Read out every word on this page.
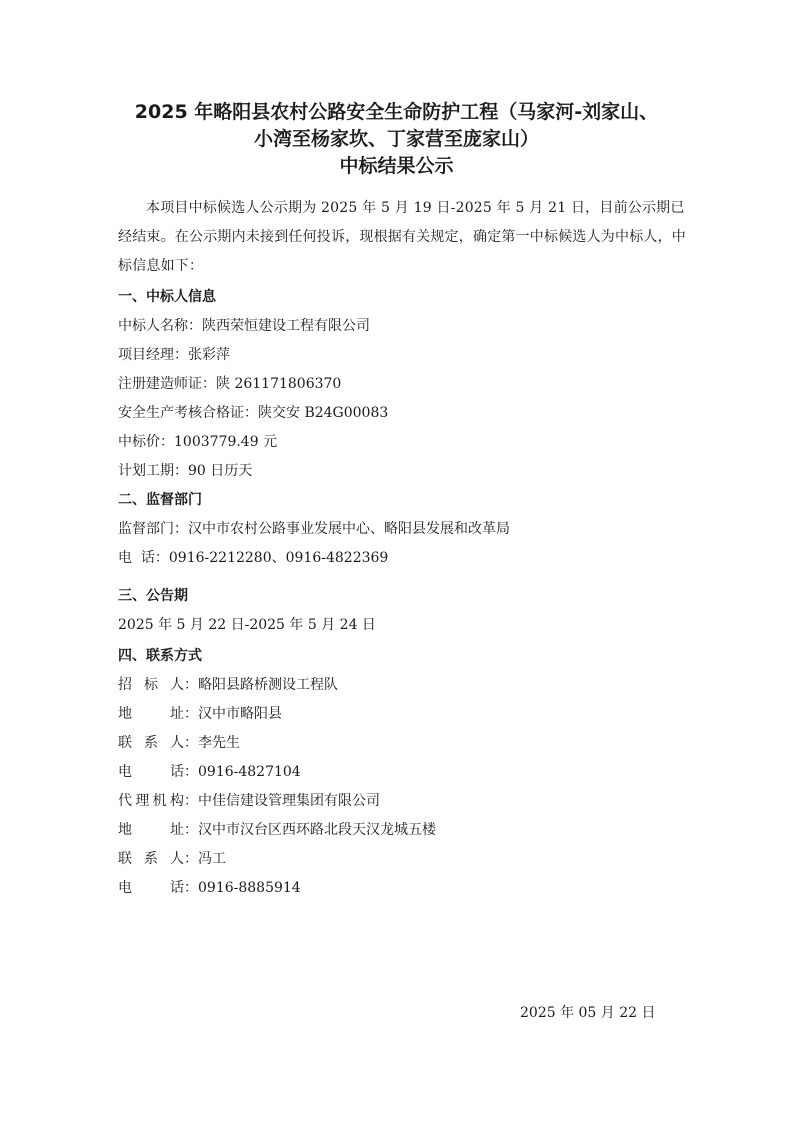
2025 年略阳县农村公路安全生命防护工程（马家河-刘家山、
小湾至杨家坎、丁家营至庞家山）
中标结果公示
本项目中标候选人公示期为 2025 年 5 月 19 日-2025 年 5 月 21 日，目前公示期已经结束。在公示期内未接到任何投诉，现根据有关规定，确定第一中标候选人为中标人，中标信息如下：
一、中标人信息
中标人名称：陕西荣恒建设工程有限公司
项目经理：张彩萍
注册建造师证：陕 261171806370
安全生产考核合格证：陕交安 B24G00083
中标价：1003779.49 元
计划工期：90 日历天
二、监督部门
监督部门：汉中市农村公路事业发展中心、略阳县发展和改革局
电  话：0916-2212280、0916-4822369
三、公告期
2025 年 5 月 22 日-2025 年 5 月 24 日
四、联系方式
招 标 人：略阳县路桥测设工程队
地 址：汉中市略阳县
联 系 人：李先生
电 话：0916-4827104
代理机构：中佳信建设管理集团有限公司
地 址：汉中市汉台区西环路北段天汉龙城五楼
联 系 人：冯工
电 话：0916-8885914
2025 年 05 月 22 日
